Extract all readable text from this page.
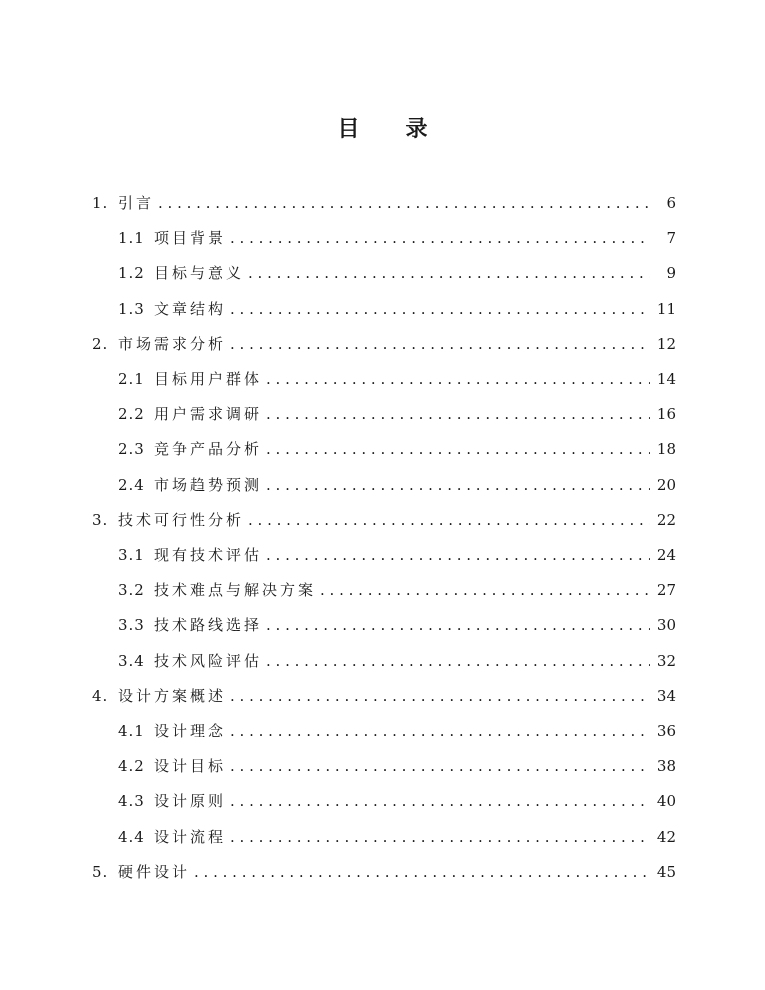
目 录
1. 引言 . . .	6
1.1 项目背景 . . .	7
1.2 目标与意义 . . .	9
1.3 文章结构 . . .	11
2. 市场需求分析 . . .	12
2.1 目标用户群体 . . .	14
2.2 用户需求调研 . . .	16
2.3 竞争产品分析 . . .	18
2.4 市场趋势预测 . . .	20
3. 技术可行性分析 . . .	22
3.1 现有技术评估 . . .	24
3.2 技术难点与解决方案 . . .	27
3.3 技术路线选择 . . .	30
3.4 技术风险评估 . . .	32
4. 设计方案概述 . . .	34
4.1 设计理念 . . .	36
4.2 设计目标 . . .	38
4.3 设计原则 . . .	40
4.4 设计流程 . . .	42
5. 硬件设计 . . .	45
